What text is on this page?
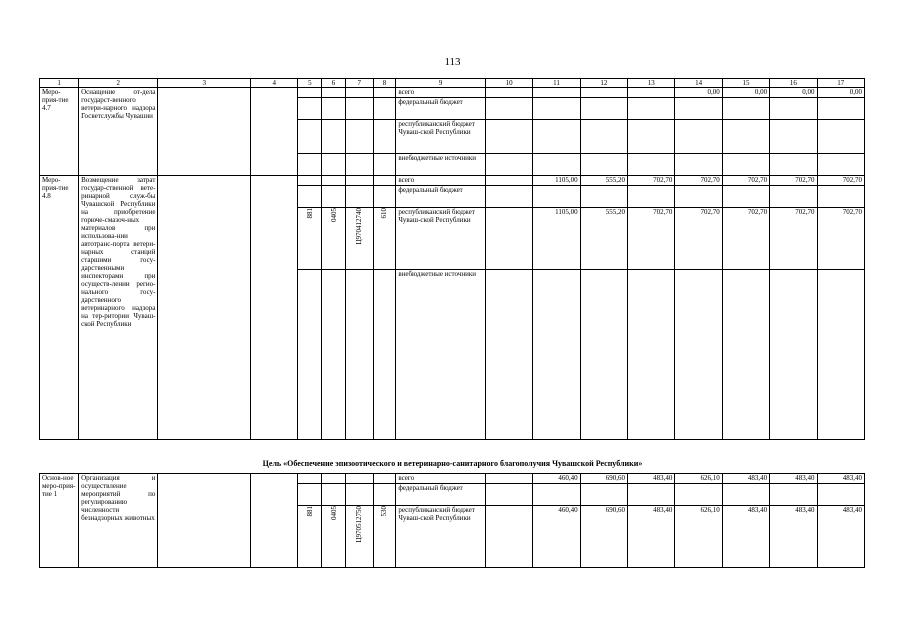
113
1	2	3	4	5	6	7	8	9	10	11	12	13	14	15	16	17
Меро-прия-тие 4.7	Оснащение от-дела государст-венного ветери-нарного надзора Госветслужбы Чувашии							всего					0,00	0,00	0,00	0,00
								федеральный бюджет								
								республиканский бюджет Чуваш-ской Республики								
								внебюджетные источники								
Меро-прия-тие 4.8	Возмещение затрат государ-ственной вете-ринарной служ-бы Чувашской Республики на приобретение горюче-смазоч-ных материалов при использова-нии автотранс-порта ветери-нарных станций старшими госу-дарственными инспекторами при осуществ-лении регио-нального госу-дарственного ветеринарного надзора на тер-ритории Чуваш-ской Республики							всего		1105,00	555,20	702,70	702,70	702,70	702,70	702,70
								федеральный бюджет								
				881	0405	Ц970412740	610	республиканский бюджет Чуваш-ской Республики		1105,00	555,20	702,70	702,70	702,70	702,70	702,70
								внебюджетные источники								

Основ-ное меро-прия-тие 1	Организация и осуществление мероприятий по регулированию численности безнадзорных животных							всего		460,40	690,60	483,40	626,10	483,40	483,40	483,40
								федеральный бюджет								
				881	0405	Ц970512750	530	республиканский бюджет Чуваш-ской Республики		460,40	690,60	483,40	626,10	483,40	483,40	483,40
Цель «Обеспечение эпизоотического и ветеринарно-санитарного благополучия Чувашской Республики»
